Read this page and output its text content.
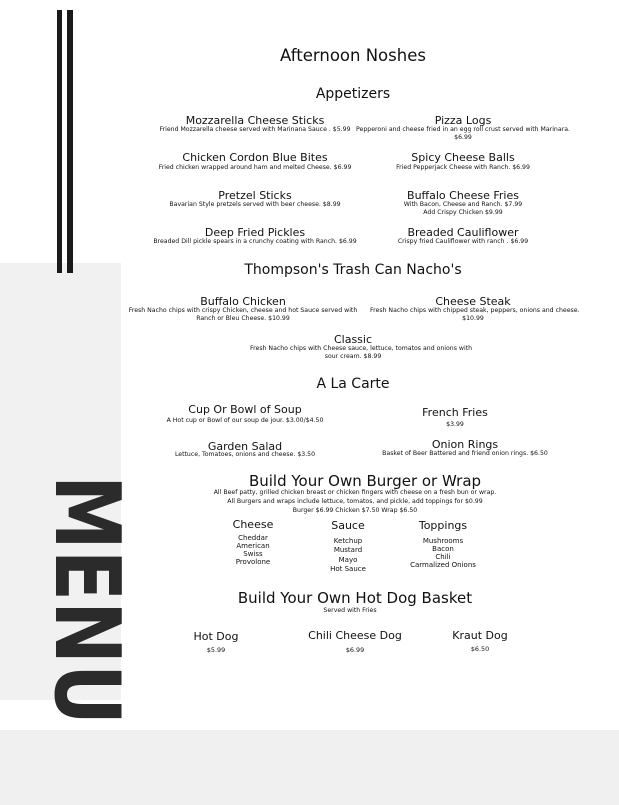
MENU
Afternoon Noshes
Appetizers
Mozzarella Cheese Sticks
Friend Mozzarella cheese served with Marinana Sauce . $5.99
Pizza Logs
Pepperoni and cheese fried in an egg roll crust served with Marinara.
$6.99
Chicken Cordon Blue Bites
Fried chicken wrapped around ham and melted Cheese. $6.99
Spicy Cheese Balls
Fried Pepperjack Cheese with Ranch. $6.99
Pretzel Sticks
Bavarian Style pretzels served with beer cheese. $8.99
Buffalo Cheese Fries
With Bacon, Cheese and Ranch. $7.99
Add Crispy Chicken $9.99
Deep Fried Pickles
Breaded Dill pickle spears in a crunchy coating with Ranch. $6.99
Breaded Cauliflower
Crispy fried Cauliflower with ranch . $6.99
Thompson's Trash Can Nacho's
Buffalo Chicken
Fresh Nacho chips with crispy Chicken, cheese and hot Sauce served with
Ranch or Bleu Cheese. $10.99
Cheese Steak
Fresh Nacho chips with chipped steak, peppers, onions and cheese.
$10.99
Classic
Fresh Nacho chips with Cheese sauce, lettuce, tomatos and onions with
sour cream. $8.99
A La Carte
Cup Or Bowl of Soup
A Hot cup or Bowl of our soup de jour. $3.00/$4.50
French Fries
$3.99
Garden Salad
Lettuce, Tomatoes, onions and cheese. $3.50
Onion Rings
Basket of Beer Battered and friend onion rings. $6.50
Build Your Own Burger or Wrap
All Beef patty, grilled chicken breast or chicken fingers with cheese on a fresh bun or wrap.
All Burgers and wraps include lettuce, tomatos, and pickle, add toppings for $0.99
Burger $6.99 Chicken $7.50 Wrap $6.50
Cheese
Cheddar
American
Swiss
Provolone
Sauce
Ketchup
Mustard
Mayo
Hot Sauce
Toppings
Mushrooms
Bacon
Chili
Carmalized Onions
Build Your Own Hot Dog Basket
Served with Fries
Hot Dog
$5.99
Chili Cheese Dog
$6.99
Kraut Dog
$6.50
